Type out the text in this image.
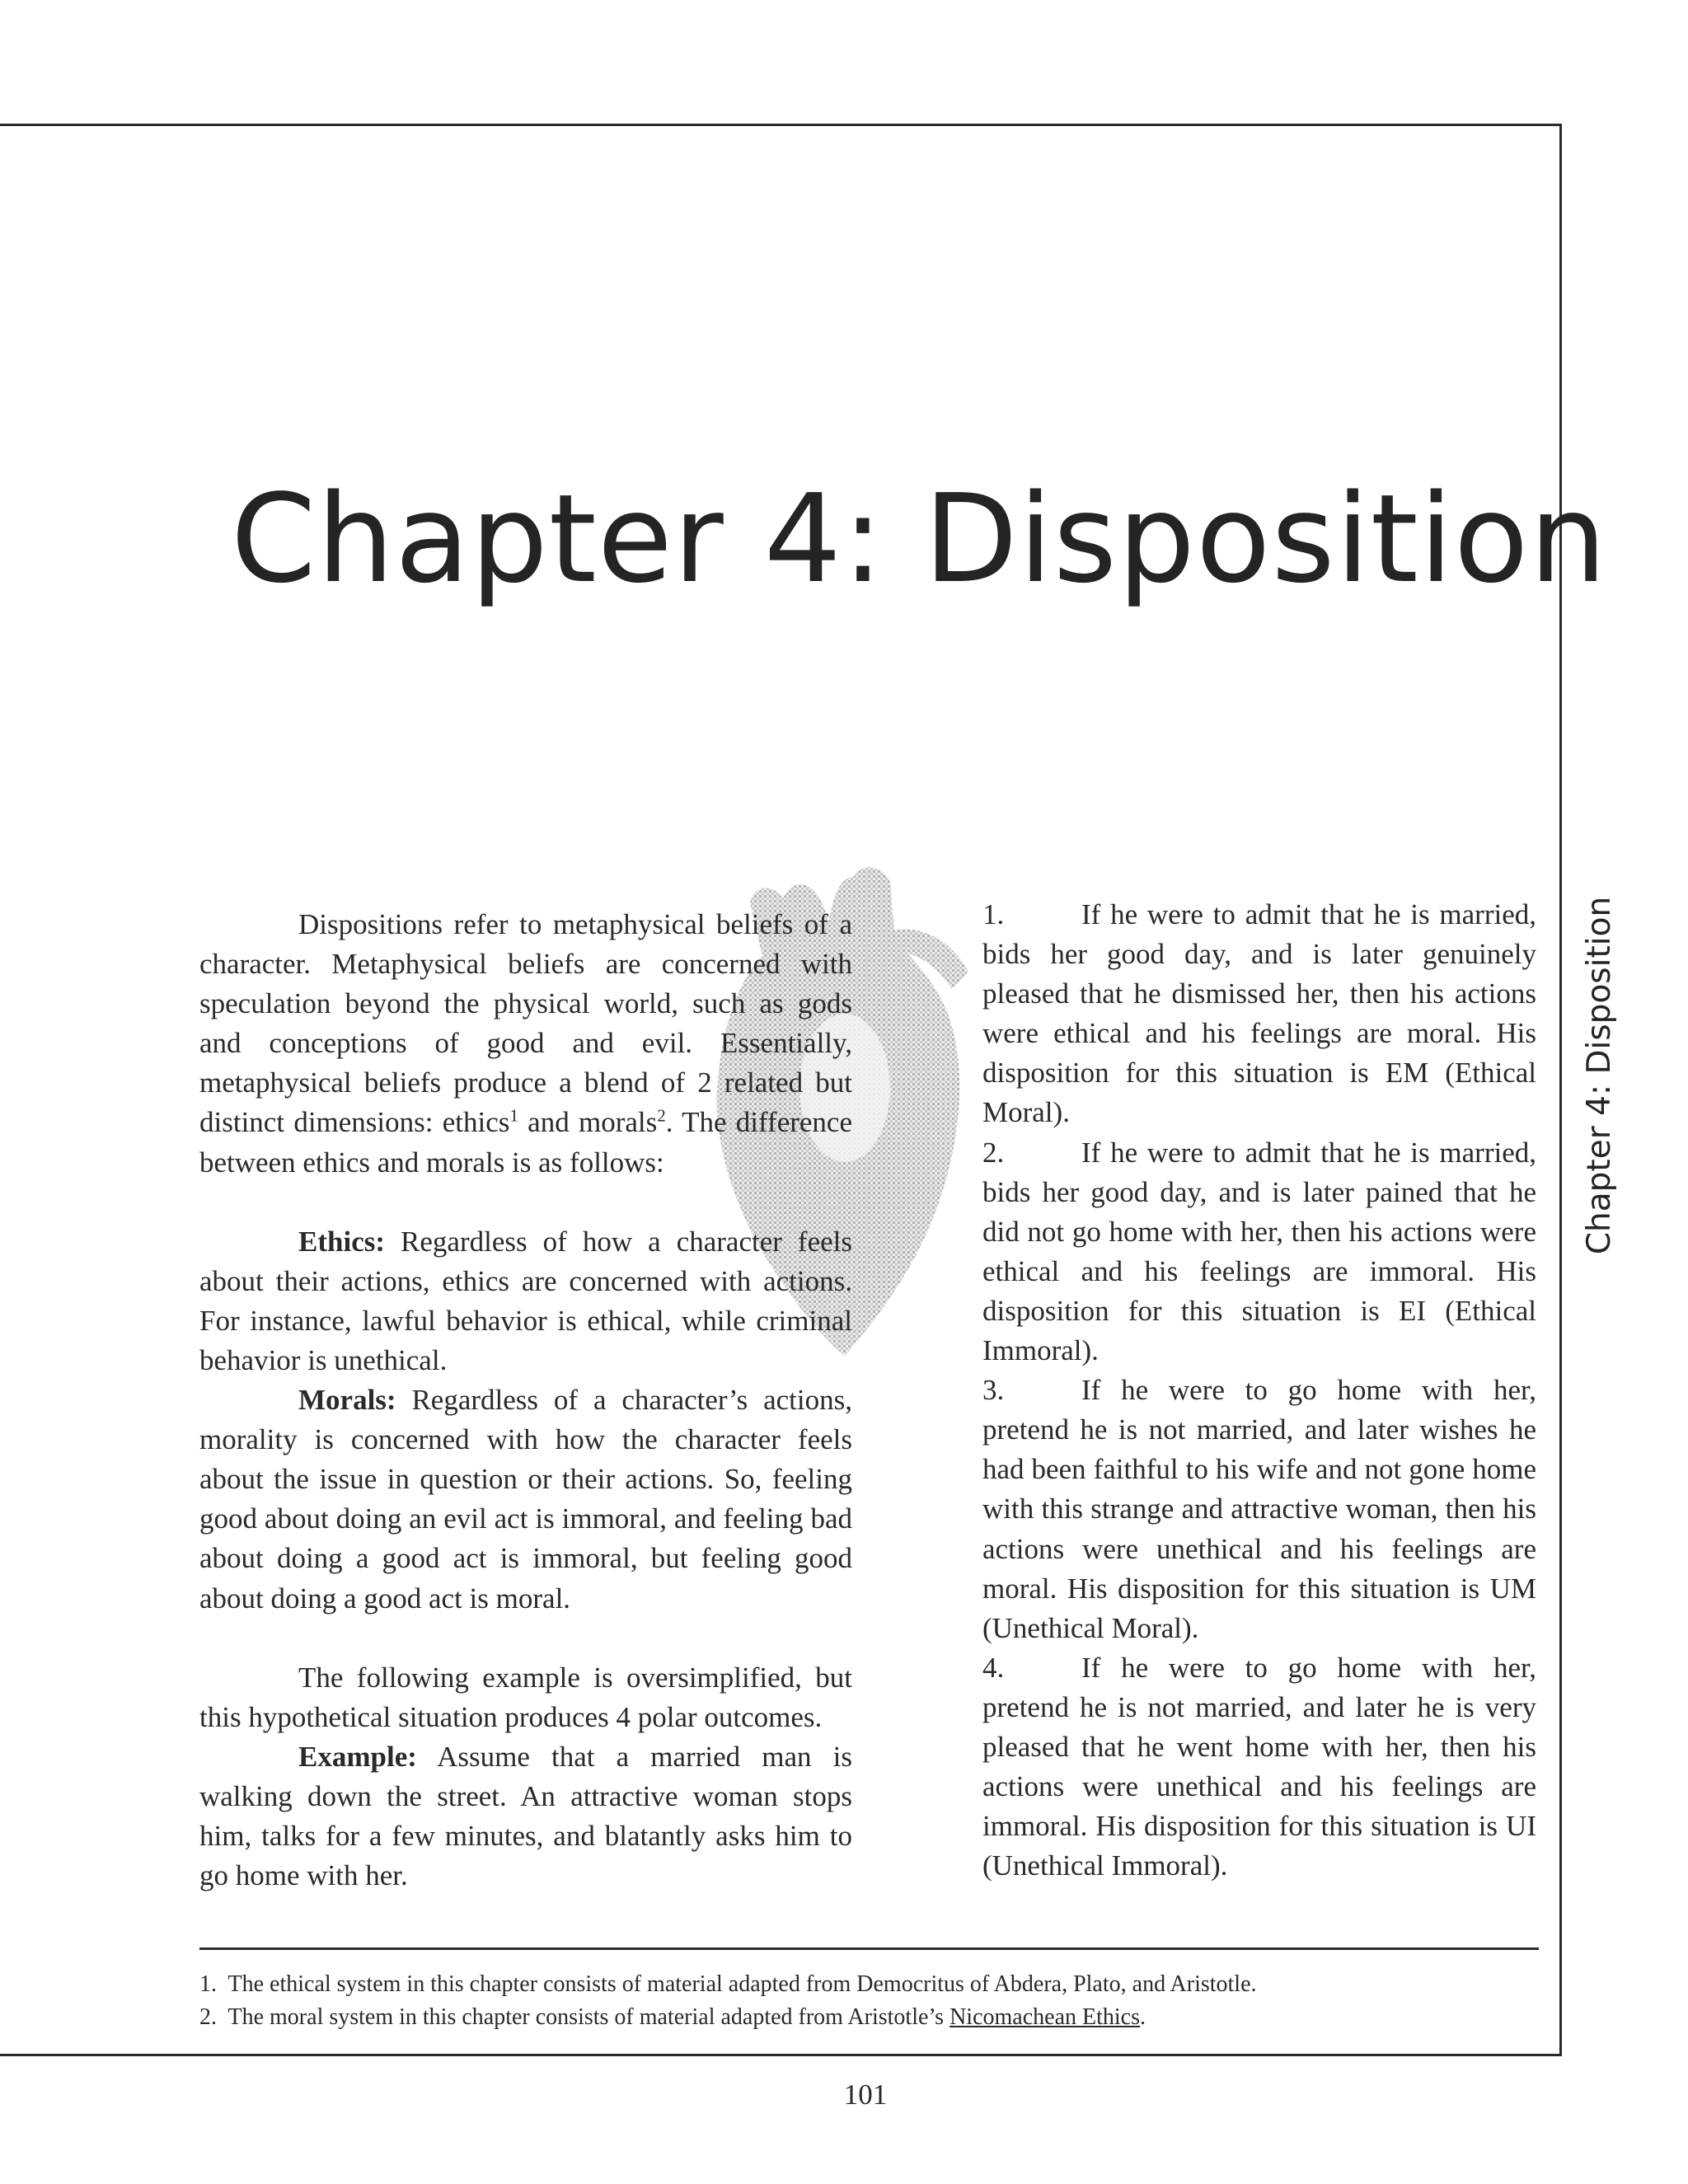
Chapter 4: Disposition
Chapter 4: Disposition

Dispositions refer to metaphysical beliefs of a character. Metaphysical beliefs are concerned with speculation beyond the physical world, such as gods and conceptions of good and evil. Essentially, metaphysical beliefs produce a blend of 2 related but distinct dimensions: ethics$^1$ and morals$^2$. The difference between ethics and morals is as follows:

Ethics: Regardless of how a character feels about their actions, ethics are concerned with actions. For instance, lawful behavior is ethical, while criminal behavior is unethical.

Morals: Regardless of a character’s actions, morality is concerned with how the character feels about the issue in question or their actions. So, feeling good about doing an evil act is immoral, and feeling bad about doing a good act is immoral, but feeling good about doing a good act is moral.

The following example is oversimplified, but this hypothetical situation produces 4 polar outcomes.

Example: Assume that a married man is walking down the street. An attractive woman stops him, talks for a few minutes, and blatantly asks him to go home with her.

1.	If he were to admit that he is married, bids her good day, and is later genuinely pleased that he dismissed her, then his actions were ethical and his feelings are moral. His disposition for this situation is EM (Ethical Moral).

2.	If he were to admit that he is married, bids her good day, and is later pained that he did not go home with her, then his actions were ethical and his feelings are immoral. His disposition for this situation is EI (Ethical Immoral).

3.	If he were to go home with her, pretend he is not married, and later wishes he had been faithful to his wife and not gone home with this strange and attractive woman, then his actions were unethical and his feelings are moral. His disposition for this situation is UM (Unethical Moral).

4.	If he were to go home with her, pretend he is not married, and later he is very pleased that he went home with her, then his actions were unethical and his feelings are immoral. His disposition for this situation is UI (Unethical Immoral).

1. The ethical system in this chapter consists of material adapted from Democritus of Abdera, Plato, and Aristotle.

2. The moral system in this chapter consists of material adapted from Aristotle’s Nicomachean Ethics.

101
